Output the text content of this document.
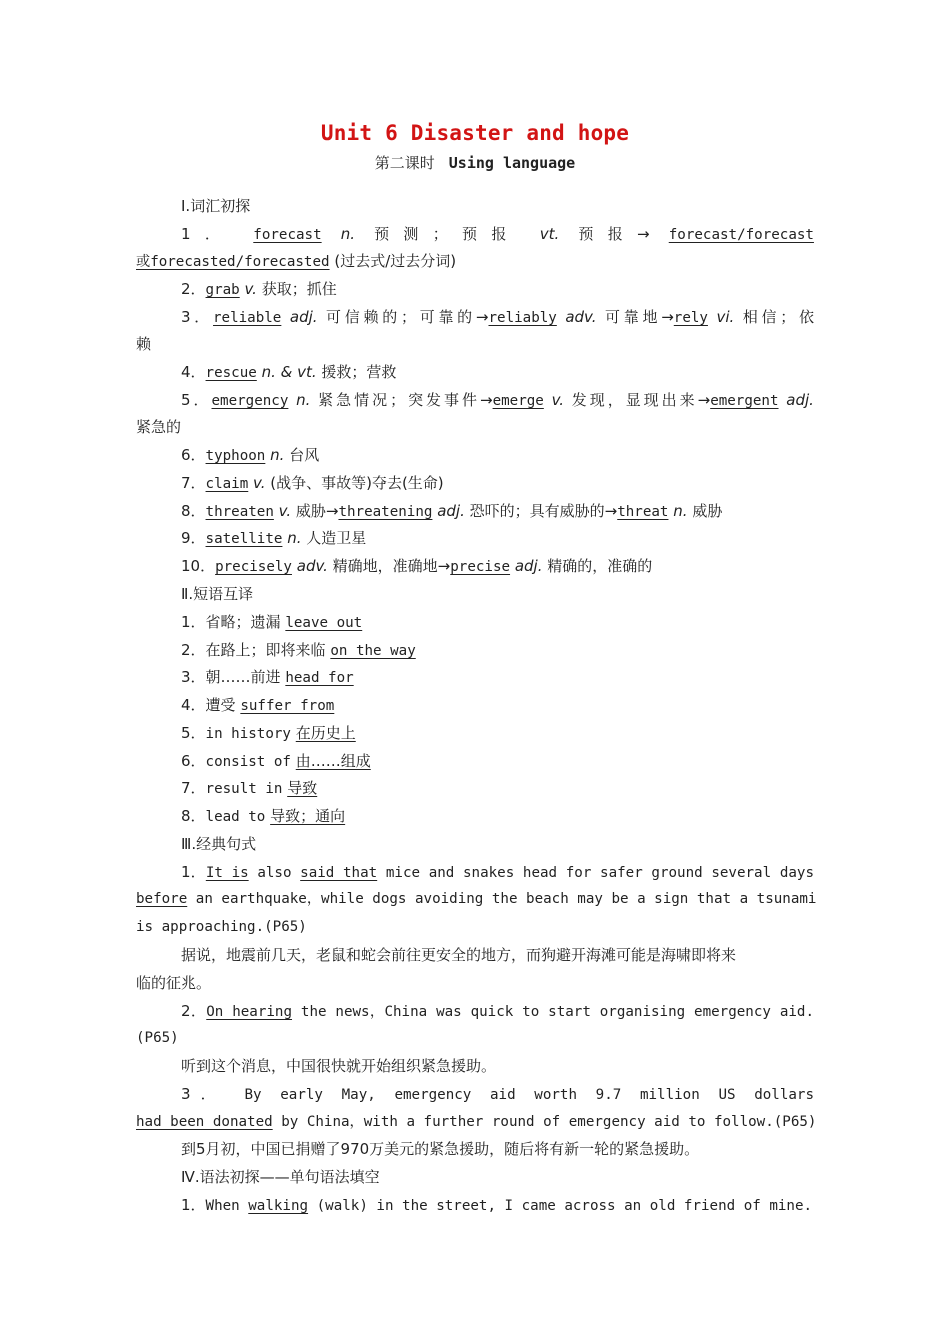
Unit 6 Disaster and hope
第二课时 Using language
Ⅰ.词汇初探
1． forecast n. 预测；预报 vt. 预报→ forecast/forecast
或forecasted/forecasted (过去式/过去分词)
2．grab v. 获取；抓住
3．reliable adj. 可信赖的；可靠的→reliably adv. 可靠地→rely vi. 相信；依
赖
4．rescue n. & vt. 援救；营救
5．emergency n. 紧急情况；突发事件→emerge v. 发现，显现出来→emergent adj.
紧急的
6．typhoon n. 台风
7．claim v. (战争、事故等)夺去(生命)
8．threaten v. 威胁→threatening adj. 恐吓的；具有威胁的→threat n. 威胁
9．satellite n. 人造卫星
10．precisely adv. 精确地，准确地→precise adj. 精确的，准确的
Ⅱ.短语互译
1．省略；遗漏 leave out
2．在路上；即将来临 on the way
3．朝……前进 head for
4．遭受 suffer from
5．in history 在历史上
6．consist of 由……组成
7．result in 导致
8．lead to 导致；通向
Ⅲ.经典句式
1．It is also said that mice and snakes head for safer ground several days
before an earthquake，while dogs avoiding the beach may be a sign that a tsunami
is approaching.(P65)
据说，地震前几天，老鼠和蛇会前往更安全的地方，而狗避开海滩可能是海啸即将来
临的征兆。
2．On hearing the news，China was quick to start organising emergency aid.
(P65)
听到这个消息，中国很快就开始组织紧急援助。
3． By early May, emergency aid worth 9.7 million US dollars
had been donated by China，with a further round of emergency aid to follow.(P65)
到5月初，中国已捐赠了970万美元的紧急援助，随后将有新一轮的紧急援助。
Ⅳ.语法初探——单句语法填空
1．When walking (walk) in the street, I came across an old friend of mine.
